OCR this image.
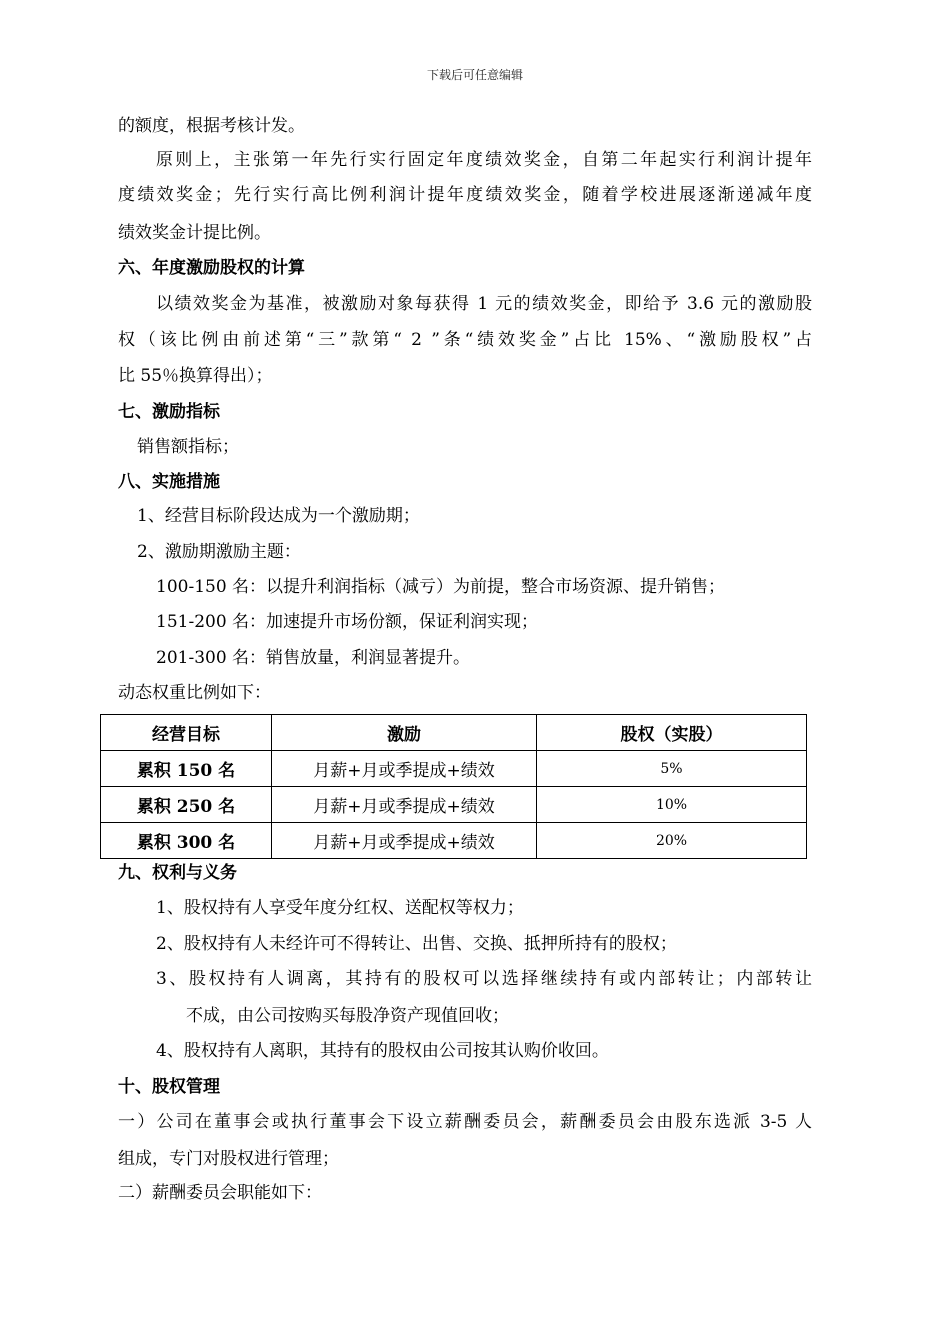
下载后可任意编辑
的额度，根据考核计发。
原则上，主张第一年先行实行固定年度绩效奖金，自第二年起实行利润计提年
度绩效奖金；先行实行高比例利润计提年度绩效奖金，随着学校进展逐渐递减年度
绩效奖金计提比例。
六、年度激励股权的计算
以绩效奖金为基准，被激励对象每获得 1 元的绩效奖金，即给予 3.6 元的激励股
权（该比例由前述第“三”款第“ 2 ”条“绩效奖金”占比 15%、“激励股权”占
比 55％换算得出）；
七、激励指标
销售额指标；
八、实施措施
1、经营目标阶段达成为一个激励期；
2、激励期激励主题：
100-150 名：以提升利润指标（减亏）为前提，整合市场资源、提升销售；
151-200 名：加速提升市场份额，保证利润实现；
201-300 名：销售放量，利润显著提升。
动态权重比例如下：
经营目标	激励	股权（实股）
累积 150 名	月薪+月或季提成+绩效	5%
累积 250 名	月薪+月或季提成+绩效	10%
累积 300 名	月薪+月或季提成+绩效	20%
九、权利与义务
1、股权持有人享受年度分红权、送配权等权力；
2、股权持有人未经许可不得转让、出售、交换、抵押所持有的股权；
3、股权持有人调离，其持有的股权可以选择继续持有或内部转让；内部转让
不成，由公司按购买每股净资产现值回收；
4、股权持有人离职，其持有的股权由公司按其认购价收回。
十、股权管理
一）公司在董事会或执行董事会下设立薪酬委员会，薪酬委员会由股东选派 3-5 人
组成，专门对股权进行管理；
二）薪酬委员会职能如下：
